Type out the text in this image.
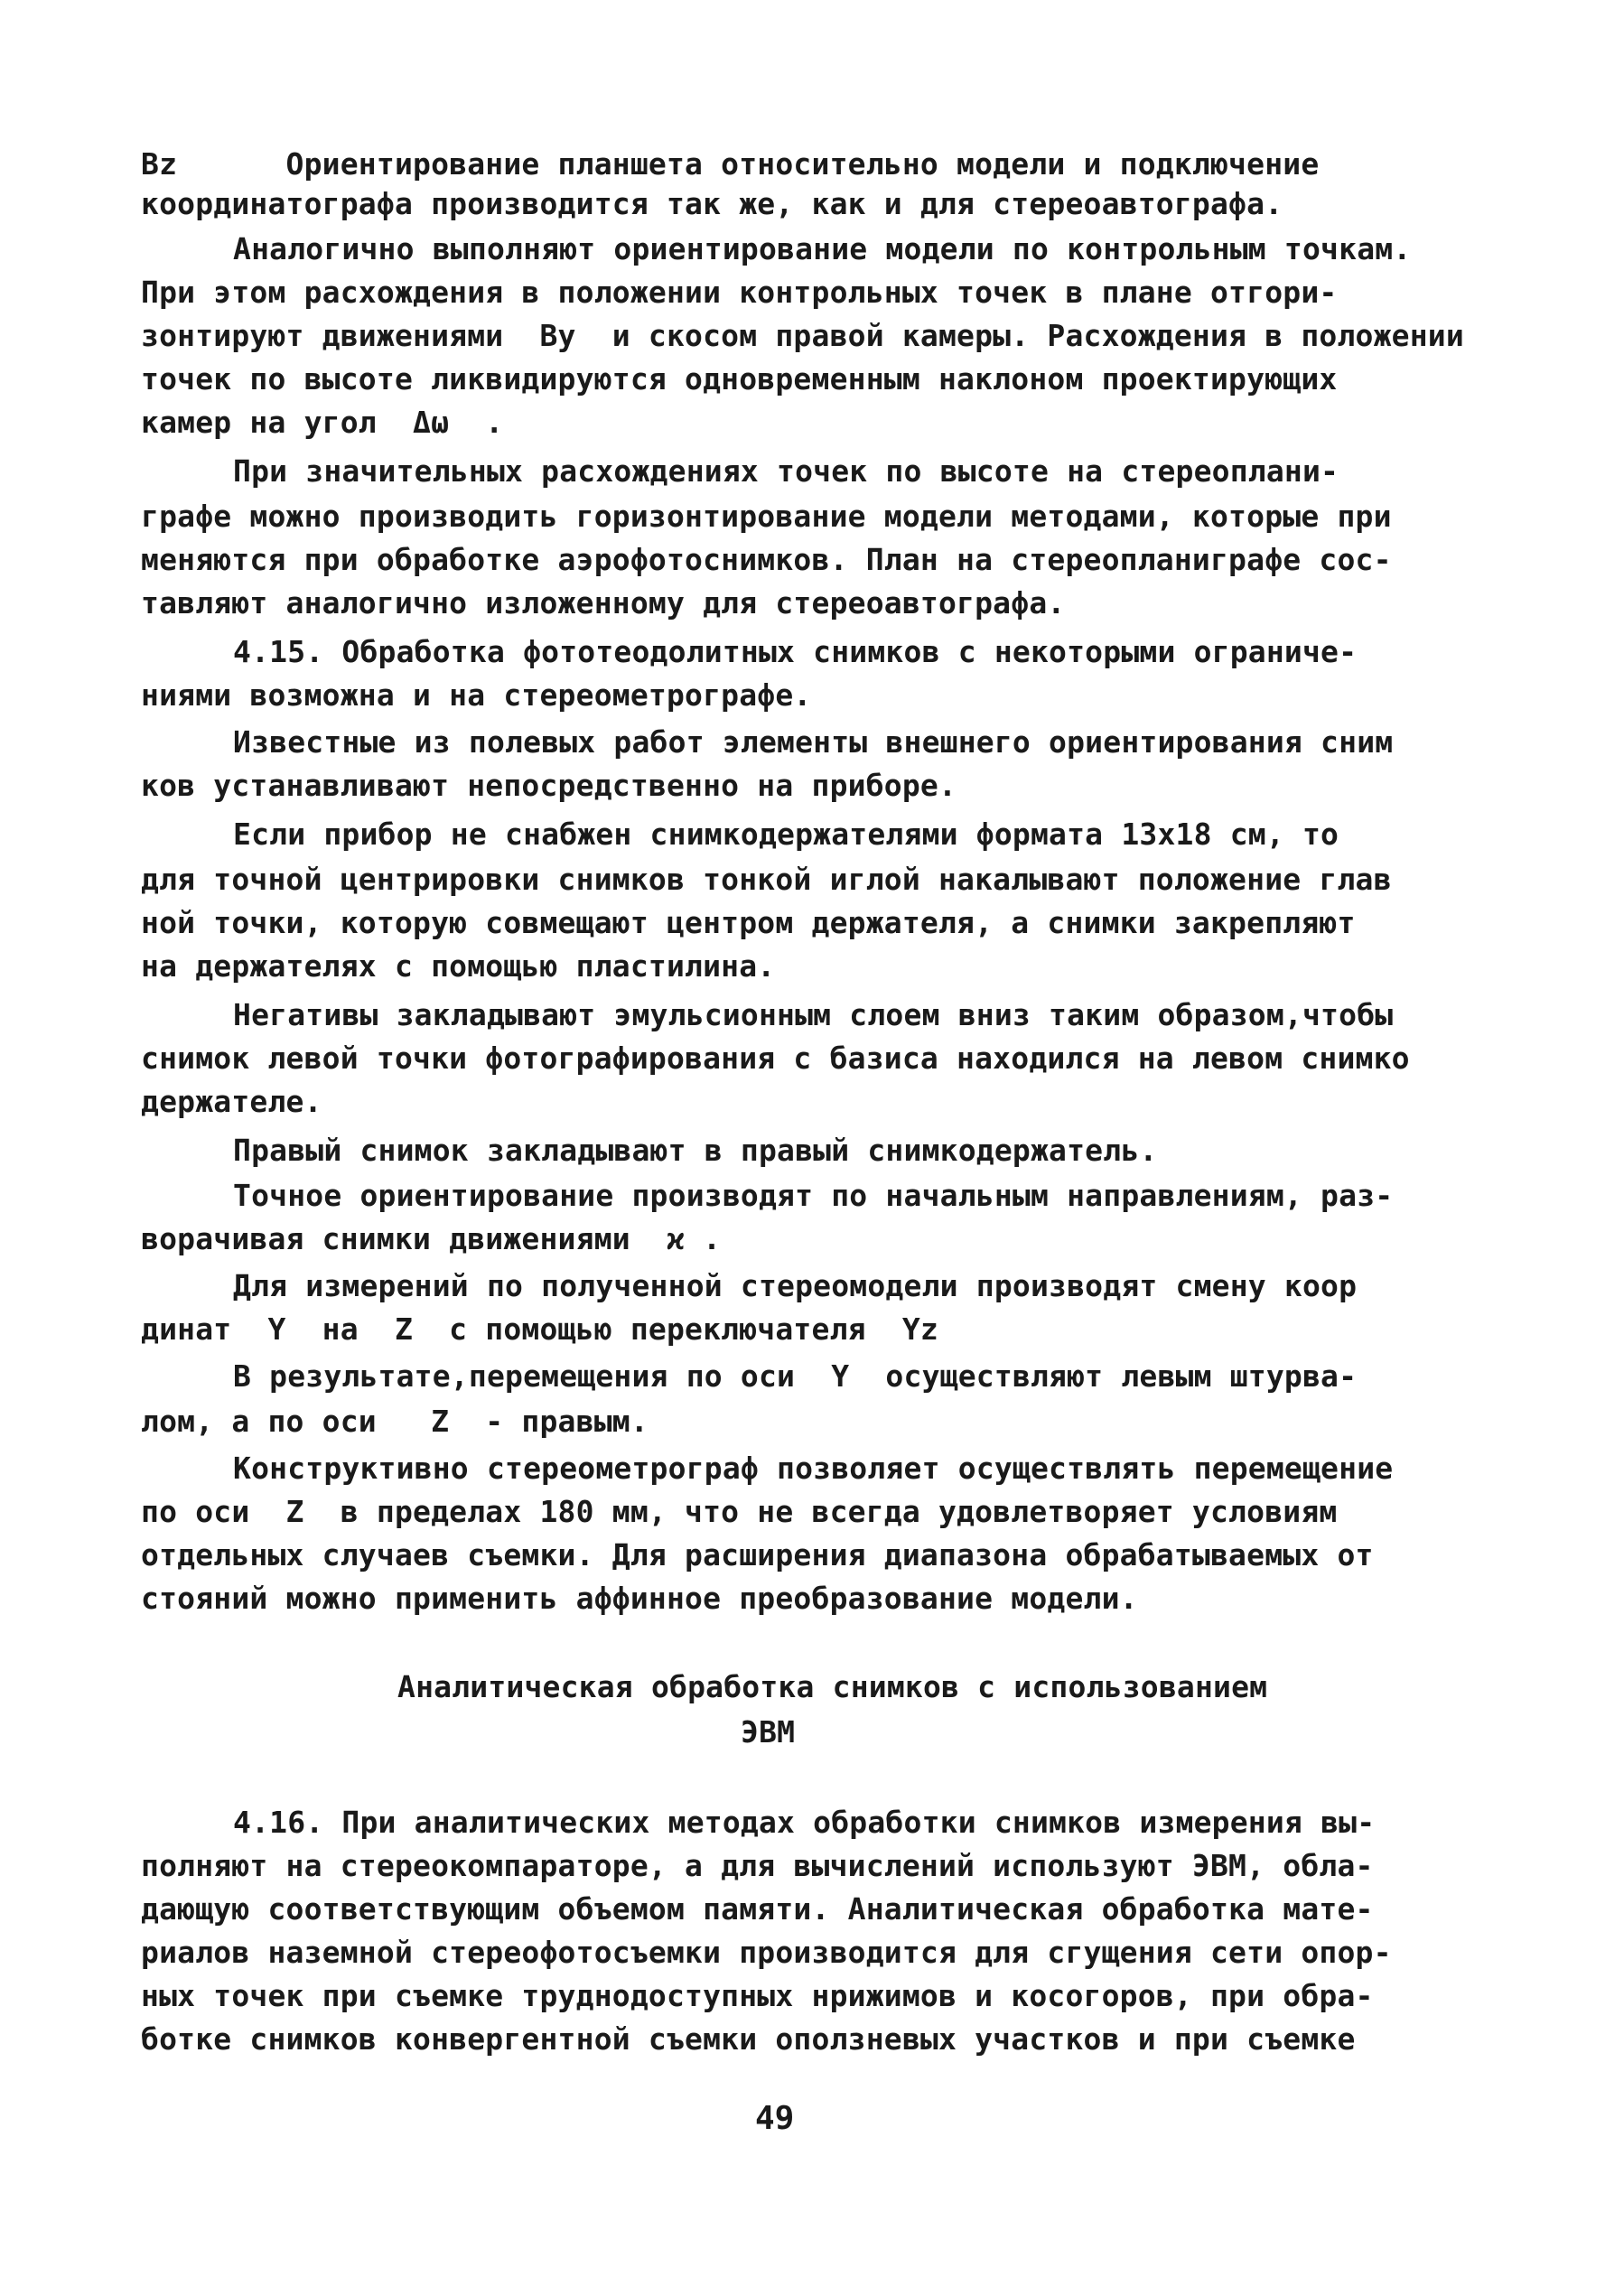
Bz      Ориентирование планшета относительно модели и подключение

координатографа производится так же, как и для стереоавтографа.

Аналогично выполняют ориентирование модели по контрольным точкам.

При этом расхождения в положении контрольных точек в плане отгори-

зонтируют движениями  By  и скосом правой камеры. Расхождения в положении

точек по высоте ликвидируются одновременным наклоном проектирующих

камер на угол  Δω  .

При значительных расхождениях точек по высоте на стереоплани-

графе можно производить горизонтирование модели методами, которые при

меняются при обработке аэрофотоснимков. План на стереопланиграфе сос-

тавляют аналогично изложенному для стереоавтографа.

4.15. Обработка фототеодолитных снимков с некоторыми ограниче-

ниями возможна и на стереометрографе.

Известные из полевых работ элементы внешнего ориентирования сним

ков устанавливают непосредственно на приборе.

Если прибор не снабжен снимкодержателями формата 13x18 см, то

для точной центрировки снимков тонкой иглой накалывают положение глав

ной точки, которую совмещают центром держателя, а снимки закрепляют

на держателях с помощью пластилина.

Негативы закладывают эмульсионным слоем вниз таким образом,чтобы

снимок левой точки фотографирования с базиса находился на левом снимко

держателе.

Правый снимок закладывают в правый снимкодержатель.

Точное ориентирование производят по начальным направлениям, раз-

ворачивая снимки движениями  ϰ .

Для измерений по полученной стереомодели производят смену коор

динат  Y  на  Z  с помощью переключателя  Yz

В результате,перемещения по оси  Y  осуществляют левым штурва-

лом, а по оси   Z  - правым.

Конструктивно стереометрограф позволяет осуществлять перемещение

по оси  Z  в пределах 180 мм, что не всегда удовлетворяет условиям

отдельных случаев съемки. Для расширения диапазона обрабатываемых от

стояний можно применить аффинное преобразование модели.

Аналитическая обработка снимков с использованием

ЭВМ

4.16. При аналитических методах обработки снимков измерения вы-

полняют на стереокомпараторе, а для вычислений используют ЭВМ, обла-

дающую соответствующим объемом памяти. Аналитическая обработка мате-

риалов наземной стереофотосъемки производится для сгущения сети опор-

ных точек при съемке труднодоступных нрижимов и косогоров, при обра-

ботке снимков конвергентной съемки оползневых участков и при съемке

49
